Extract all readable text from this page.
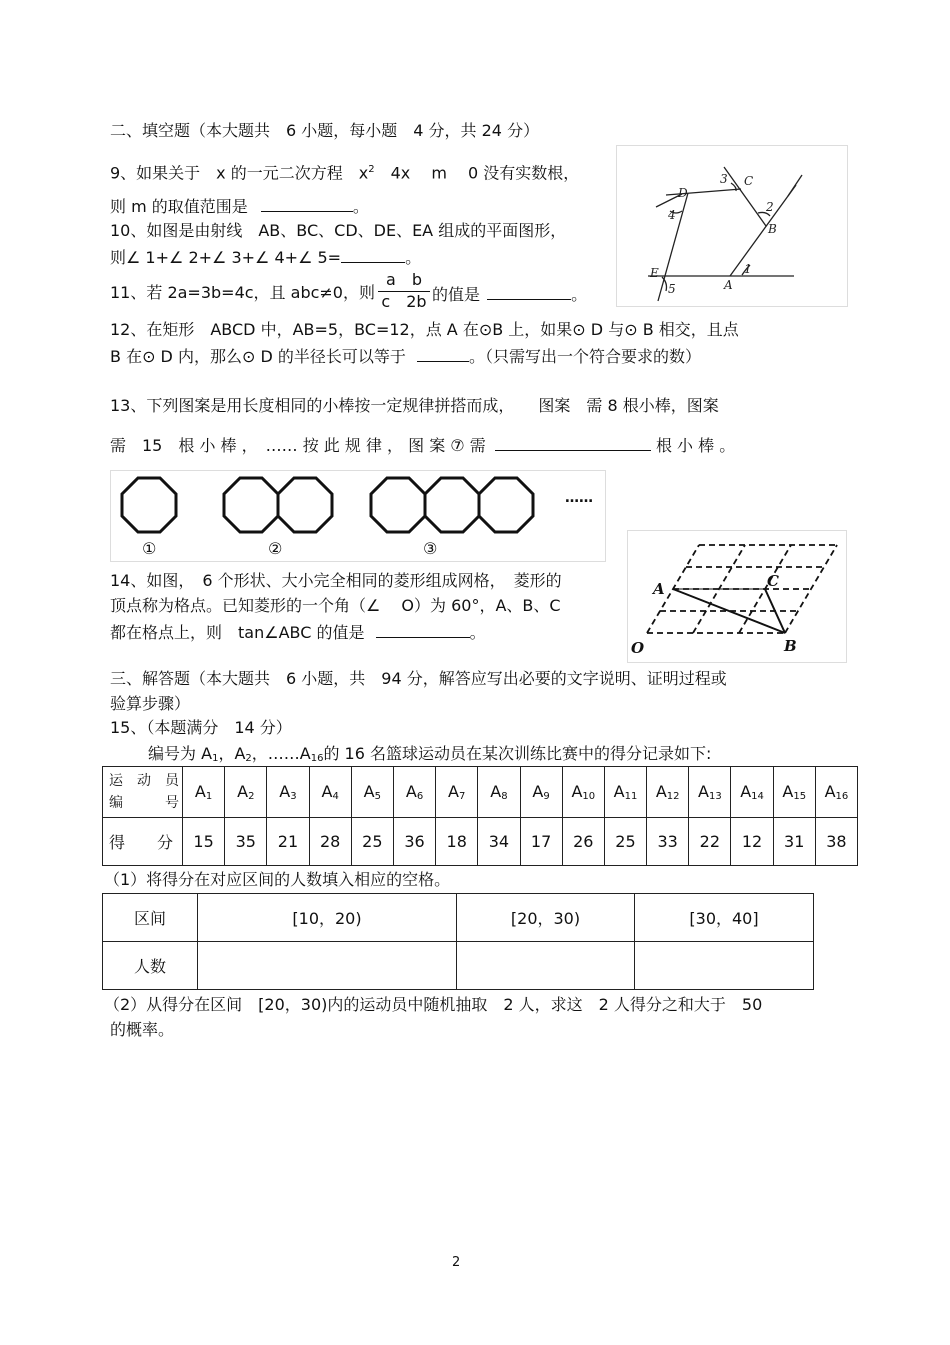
二、填空题（本大题共　6 小题，每小题　4 分，共 24 分）
9、如果关于　x 的一元二次方程　$x^2$　4x　 m　 0 没有实数根，
则 m 的取值范围是	。
10、如图是由射线　AB、BC、CD、DE、EA 组成的平面图形，
则∠ 1+∠ 2+∠ 3+∠ 4+∠ 5=	。
11、若 2a=3b=4c，且 abc≠0，则
a　b
c　2b 的值是	。
D
3 C
4
2
B
E
A
1
5
12、在矩形　ABCD 中，AB=5，BC=12，点 A 在⊙B 上，如果⊙ D 与⊙ B 相交，且点
B 在⊙ D 内，那么⊙ D 的半径长可以等于	。（只需写出一个符合要求的数）
13、下列图案是用长度相同的小棒按一定规律拼搭而成，　　图案　需 8 根小棒，图案
需　15　根 小 棒 ，　…… 按 此 规 律 ， 图 案 ⑦ 需	根 小 棒 。
……
①	②	③
14、如图，　6 个形状、大小完全相同的菱形组成网格，　菱形的
顶点称为格点。已知菱形的一个角（∠　 O）为 60°，A、B、C
都在格点上，则　tan∠ABC 的值是	。
A	C
B
O
三、解答题（本大题共　6 小题，共　94 分，解答应写出必要的文字说明、证明过程或
验算步骤）
15、（本题满分　14 分）
编号为 $A_1$，$A_2$，$\dots\dots A_{16}$的 16 名篮球运动员在某次训练比赛中的得分记录如下:
运　动　员
编　　　号	$A_1$	$A_2$	$A_3$	$A_4$	$A_5$	$A_6$	$A_7$	$A_8$	$A_9$	$A_{10}$	$A_{11}$	$A_{12}$	$A_{13}$	$A_{14}$	$A_{15}$	$A_{16}$
得　　分	15	35	21	28	25	36	18	34	17	26	25	33	22	12	31	38
（1）将得分在对应区间的人数填入相应的空格。
区间	[10，20)	[20，30)	[30，40]
人数			
（2）从得分在区间　[20，30)内的运动员中随机抽取　2 人，求这　2 人得分之和大于　50
的概率。
2
